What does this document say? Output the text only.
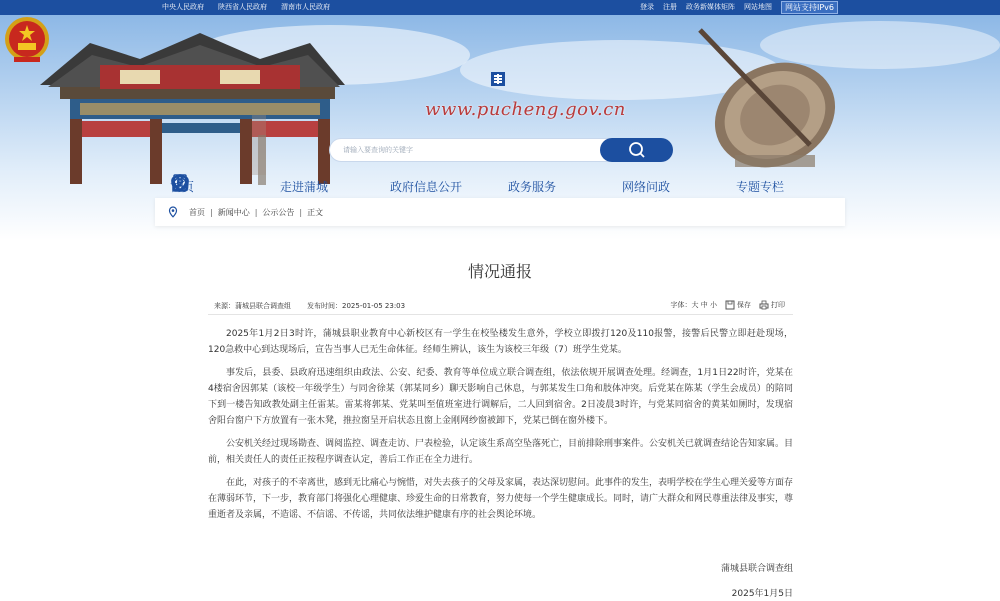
中央人民政府 陕西省人民政府 渭南市人民政府	登录 注册 政务新媒体矩阵 网站地图	网站支持IPv6
www.pucheng.gov.cn
请输入要查询的关键字
首页	走进蒲城	政府信息公开	政务服务	网络问政	专题专栏
首页 | 新闻中心 | 公示公告 | 正文
情况通报
来源：蒲城县联合调查组 发布时间：2025-01-05 23:03	字体：大 中 小	保存	打印

2025年1月2日3时许，蒲城县职业教育中心新校区有一学生在校坠楼发生意外，学校立即拨打120及110报警，接警后民警立即赶赴现场，120急救中心到达现场后，宣告当事人已无生命体征。经师生辨认，该生为该校三年级（7）班学生党某。

事发后，县委、县政府迅速组织由政法、公安、纪委、教育等单位成立联合调查组，依法依规开展调查处理。经调查，1月1日22时许，党某在4楼宿舍因郭某（该校一年级学生）与同舍徐某（郭某同乡）聊天影响自己休息，与郭某发生口角和肢体冲突。后党某在陈某（学生会成员）的陪同下到一楼告知政教处副主任雷某。雷某将郭某、党某叫至值班室进行调解后，二人回到宿舍。2日凌晨3时许，与党某同宿舍的黄某如厕时，发现宿舍阳台窗户下方放置有一张木凳，推拉窗呈开启状态且窗上金刚网纱窗被卸下，党某已倒在窗外楼下。

公安机关经过现场勘查、调阅监控、调查走访、尸表检验，认定该生系高空坠落死亡，目前排除刑事案件。公安机关已就调查结论告知家属。目前，相关责任人的责任正按程序调查认定，善后工作正在全力进行。

在此，对孩子的不幸离世，感到无比痛心与惋惜，对失去孩子的父母及家属，表达深切慰问。此事件的发生，表明学校在学生心理关爱等方面存在薄弱环节，下一步，教育部门将强化心理健康、珍爱生命的日常教育，努力使每一个学生健康成长。同时，请广大群众和网民尊重法律及事实，尊重逝者及亲属，不造谣、不信谣、不传谣，共同依法维护健康有序的社会舆论环境。

蒲城县联合调查组
2025年1月5日
